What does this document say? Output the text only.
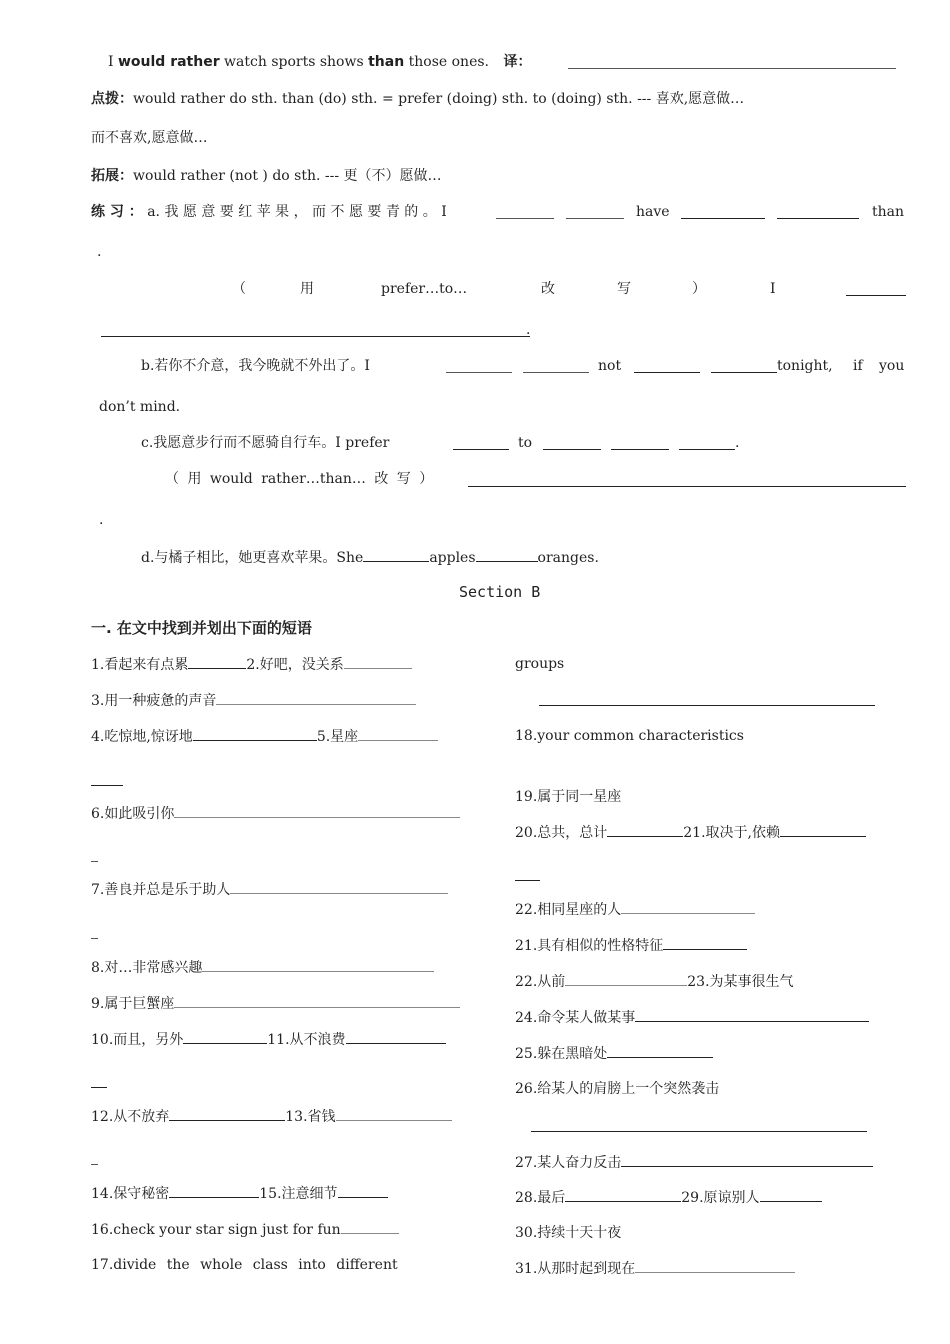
I would rather watch sports shows than those ones. 译：
点拨：would rather do sth. than (do) sth. = prefer (doing) sth. to (doing) sth. --- 喜欢,愿意做…
而不喜欢,愿意做…
拓展：would rather (not ) do sth. --- 更（不）愿做…
练 习 ： a. 我 愿 意 要 红 苹 果 ， 而 不 愿 要 青 的 。 I	have	than
.
（	用	prefer…to…	改	写	）	I
.
b.若你不介意，我今晚就不外出了。I	not	tonight, if you
don’t mind.
c.我愿意步行而不愿骑自行车。I prefer	to	.
（ 用 would rather…than… 改 写 ）
.
d.与橘子相比，她更喜欢苹果。She	apples	oranges.
Section B
一. 在文中找到并划出下面的短语
1.看起来有点累	2.好吧，没关系
3.用一种疲惫的声音
4.吃惊地,惊讶地	5.星座
6.如此吸引你
7.善良并总是乐于助人
8.对…非常感兴趣
9.属于巨蟹座
10.而且，另外	11.从不浪费
12.从不放弃	13.省钱
14.保守秘密	15.注意细节
16.check your star sign just for fun
17.divide the whole class into different
groups
18.your common characteristics
19.属于同一星座
20.总共，总计	21.取决于,依赖
22.相同星座的人
21.具有相似的性格特征
22.从前	23.为某事很生气
24.命令某人做某事
25.躲在黑暗处
26.给某人的肩膀上一个突然袭击
27.某人奋力反击
28.最后	29.原谅别人
30.持续十天十夜
31.从那时起到现在
